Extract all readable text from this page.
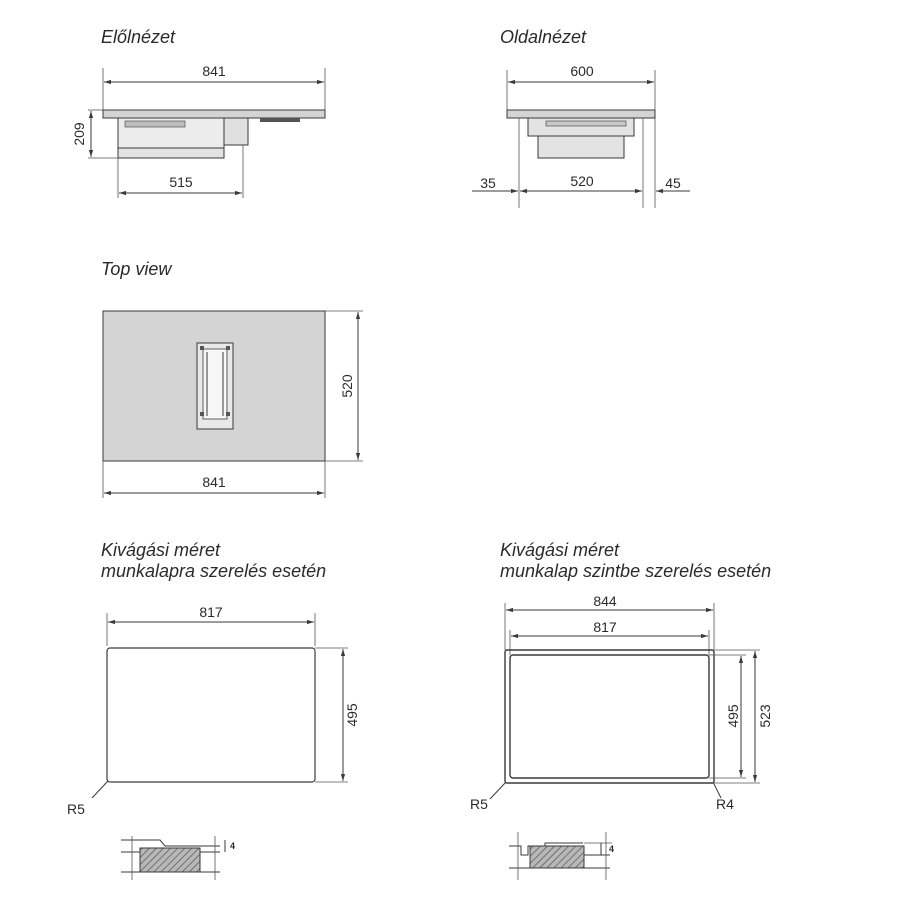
Előlnézet	Oldalnézet
Top view
Kivágási méret
munkalapra szerelés esetén
Kivágási méret
munkalap szintbe szerelés esetén
841
209
515
600
520
35	45
520
841
817
495
R5
4
844
817
495 523
R5	R4
4
